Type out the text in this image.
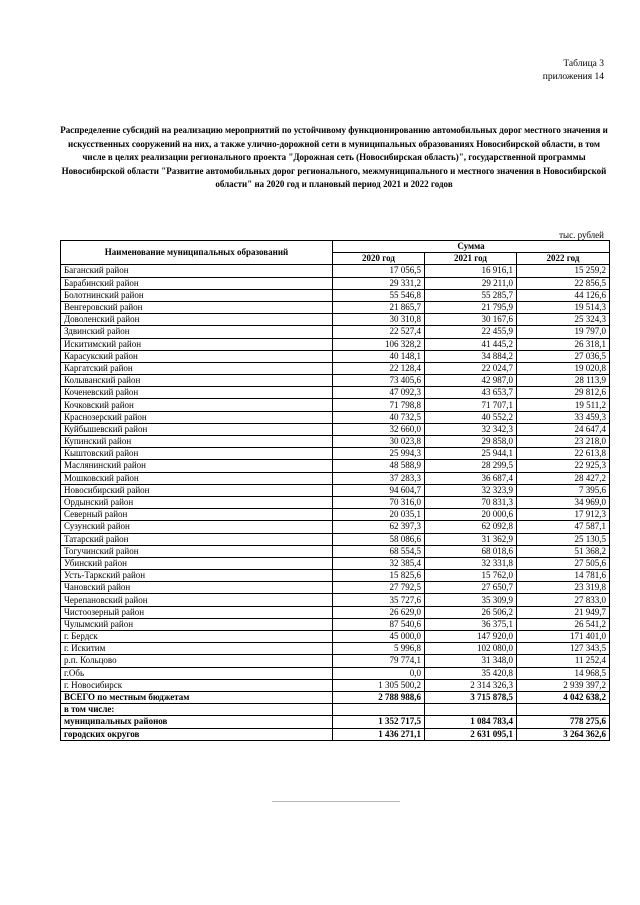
Таблица 3
приложения 14
Распределение субсидий на реализацию мероприятий по устойчивому функционированию автомобильных дорог местного значения и искусственных сооружений на них, а также улично-дорожной сети в муниципальных образованиях Новосибирской области, в том числе в целях реализации регионального проекта "Дорожная сеть (Новосибирская область)", государственной программы Новосибирской области "Развитие автомобильных дорог регионального, межмуниципального и местного значения в Новосибирской области" на 2020 год и плановый период 2021 и 2022 годов
тыс. рублей
Наименование муниципальных образований	Сумма		
	2020 год	2021 год	2022 год
Баганский район	17 056,5	16 916,1	15 259,2
Барабинский район	29 331,2	29 211,0	22 856,5
Болотнинский район	55 546,8	55 285,7	44 126,6
Венгеровский район	21 865,7	21 795,9	19 514,3
Доволенский район	30 310,8	30 167,6	25 324,3
Здвинский район	22 527,4	22 455,9	19 797,0
Искитимский район	106 328,2	41 445,2	26 318,1
Карасукский район	40 148,1	34 884,2	27 036,5
Каргатский район	22 128,4	22 024,7	19 020,8
Колыванский район	73 405,6	42 987,0	28 113,9
Коченевский район	47 092,3	43 653,7	29 812,6
Кочковский район	71 798,8	71 707,1	19 511,2
Краснозерский район	40 732,5	40 552,2	33 459,3
Куйбышевский район	32 660,0	32 342,3	24 647,4
Купинский район	30 023,8	29 858,0	23 218,0
Кыштовский район	25 994,3	25 944,1	22 613,8
Маслянинский район	48 588,9	28 299,5	22 925,3
Мошковский район	37 283,3	36 687,4	28 427,2
Новосибирский район	94 604,7	32 323,9	7 395,6
Ордынский район	70 316,0	70 831,3	34 969,0
Северный район	20 035,1	20 000,6	17 912,3
Сузунский район	62 397,3	62 092,8	47 587,1
Татарский район	58 086,6	31 362,9	25 130,5
Тогучинский район	68 554,5	68 018,6	51 368,2
Убинский район	32 385,4	32 331,8	27 505,6
Усть-Таркский район	15 825,6	15 762,0	14 781,6
Чановский район	27 792,5	27 650,7	23 319,8
Черепановский район	35 727,6	35 309,9	27 833,0
Чистоозерный район	26 629,0	26 506,2	21 949,7
Чулымский район	87 540,6	36 375,1	26 541,2
г. Бердск	45 000,0	147 920,0	171 401,0
г. Искитим	5 996,8	102 080,0	127 343,5
р.п. Кольцово	79 774,1	31 348,0	11 252,4
г.Обь	0,0	35 420,8	14 968,5
г. Новосибирск	1 305 500,2	2 314 326,3	2 939 397,2
ВСЕГО по местным бюджетам	2 788 988,6	3 715 878,5	4 042 638,2
в том числе:			
муниципальных районов	1 352 717,5	1 084 783,4	778 275,6
городских округов	1 436 271,1	2 631 095,1	3 264 362,6
